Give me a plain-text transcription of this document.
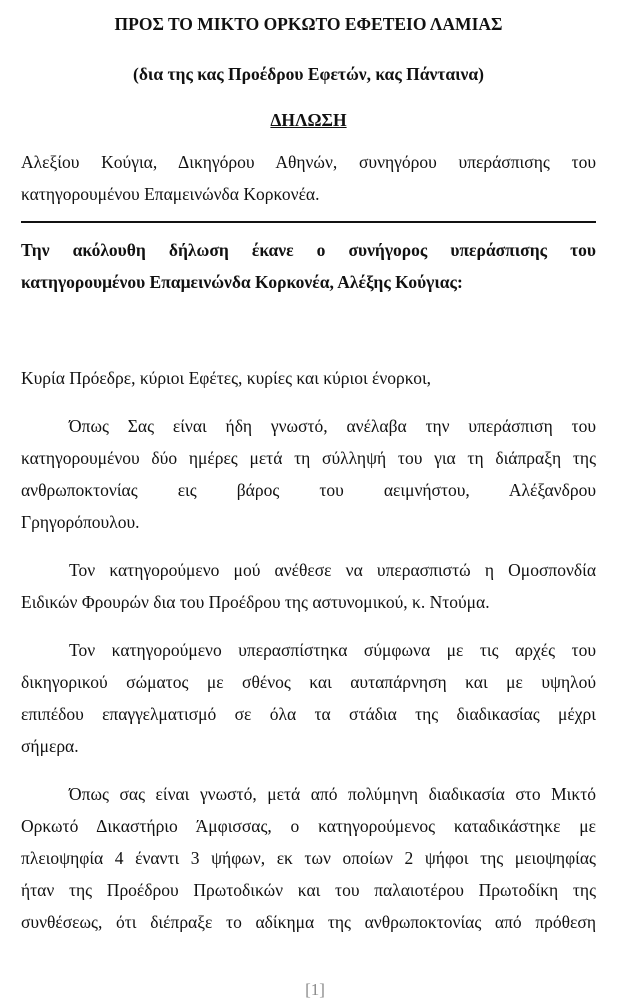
ΠΡΟΣ ΤΟ ΜΙΚΤΟ ΟΡΚΩΤΟ ΕΦΕΤΕΙΟ ΛΑΜΙΑΣ
(δια της κας Προέδρου Εφετών, κας Πάνταινα)
ΔΗΛΩΣΗ
Αλεξίου Κούγια, Δικηγόρου Αθηνών, συνηγόρου υπεράσπισης του
κατηγορουμένου Επαμεινώνδα Κορκονέα.
Την ακόλουθη δήλωση έκανε ο συνήγορος υπεράσπισης του
κατηγορουμένου Επαμεινώνδα Κορκονέα, Αλέξης Κούγιας:
Κυρία Πρόεδρε, κύριοι Εφέτες, κυρίες και κύριοι ένορκοι,
Όπως Σας είναι ήδη γνωστό, ανέλαβα την υπεράσπιση του
κατηγορουμένου δύο ημέρες μετά τη σύλληψή του για τη διάπραξη της
ανθρωποκτονίας εις βάρος του αειμνήστου, Αλέξανδρου
Γρηγορόπουλου.
Τον κατηγορούμενο μού ανέθεσε να υπερασπιστώ η Ομοσπονδία
Ειδικών Φρουρών δια του Προέδρου της αστυνομικού, κ. Ντούμα.
Τον κατηγορούμενο υπερασπίστηκα σύμφωνα με τις αρχές του
δικηγορικού σώματος με σθένος και αυταπάρνηση και με υψηλού
επιπέδου επαγγελματισμό σε όλα τα στάδια της διαδικασίας μέχρι
σήμερα.
Όπως σας είναι γνωστό, μετά από πολύμηνη διαδικασία στο Μικτό
Ορκωτό Δικαστήριο Άμφισσας, ο κατηγορούμενος καταδικάστηκε με
πλειοψηφία 4 έναντι 3 ψήφων, εκ των οποίων 2 ψήφοι της μειοψηφίας
ήταν της Προέδρου Πρωτοδικών και του παλαιοτέρου Πρωτοδίκη της
συνθέσεως, ότι διέπραξε το αδίκημα της ανθρωποκτονίας από πρόθεση
[1]
